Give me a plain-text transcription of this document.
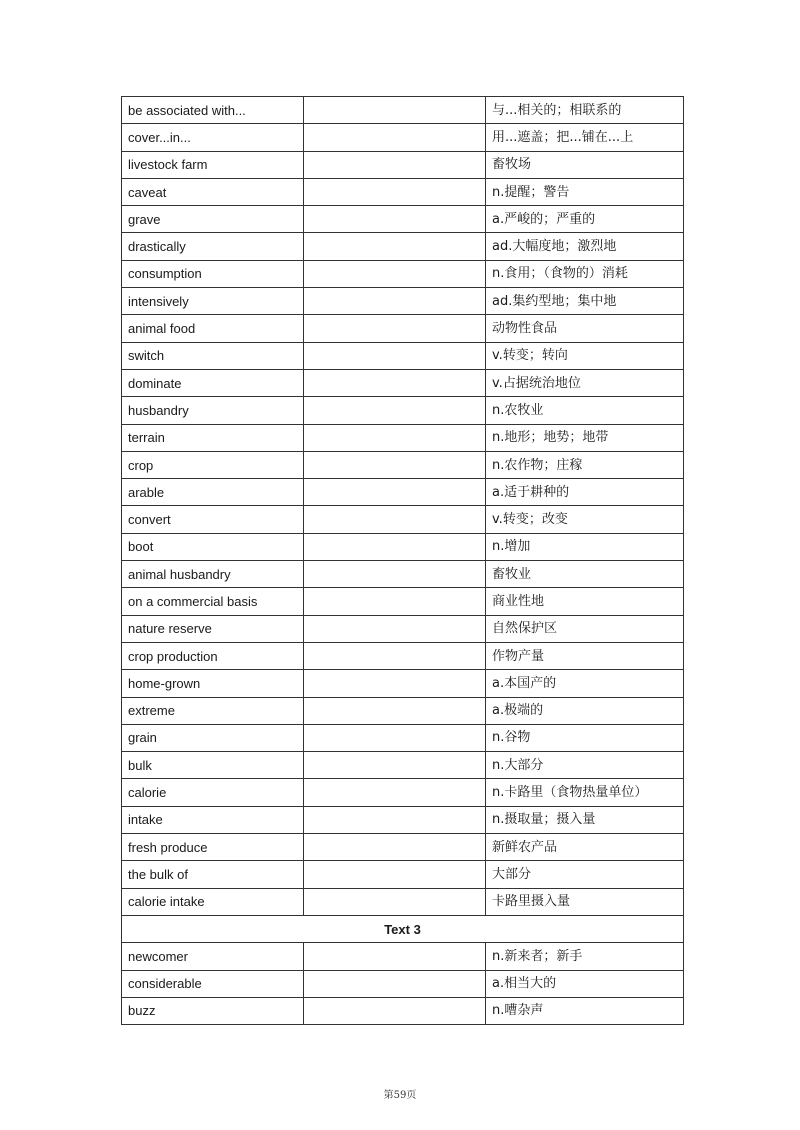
be associated with...		与...相关的；相联系的
cover...in...		用...遮盖；把...铺在...上
livestock farm		畜牧场
caveat		n.提醒；警告
grave		a.严峻的；严重的
drastically		ad.大幅度地；激烈地
consumption		n.食用；（食物的）消耗
intensively		ad.集约型地；集中地
animal food		动物性食品
switch		v.转变；转向
dominate		v.占据统治地位
husbandry		n.农牧业
terrain		n.地形；地势；地带
crop		n.农作物；庄稼
arable		a.适于耕种的
convert		v.转变；改变
boot		n.增加
animal husbandry		畜牧业
on a commercial basis		商业性地
nature reserve		自然保护区
crop production		作物产量
home-grown		a.本国产的
extreme		a.极端的
grain		n.谷物
bulk		n.大部分
calorie		n.卡路里（食物热量单位）
intake		n.摄取量；摄入量
fresh produce		新鲜农产品
the bulk of		大部分
calorie intake		卡路里摄入量
Text 3		
newcomer		n.新来者；新手
considerable		a.相当大的
buzz		n.嘈杂声
第59页
